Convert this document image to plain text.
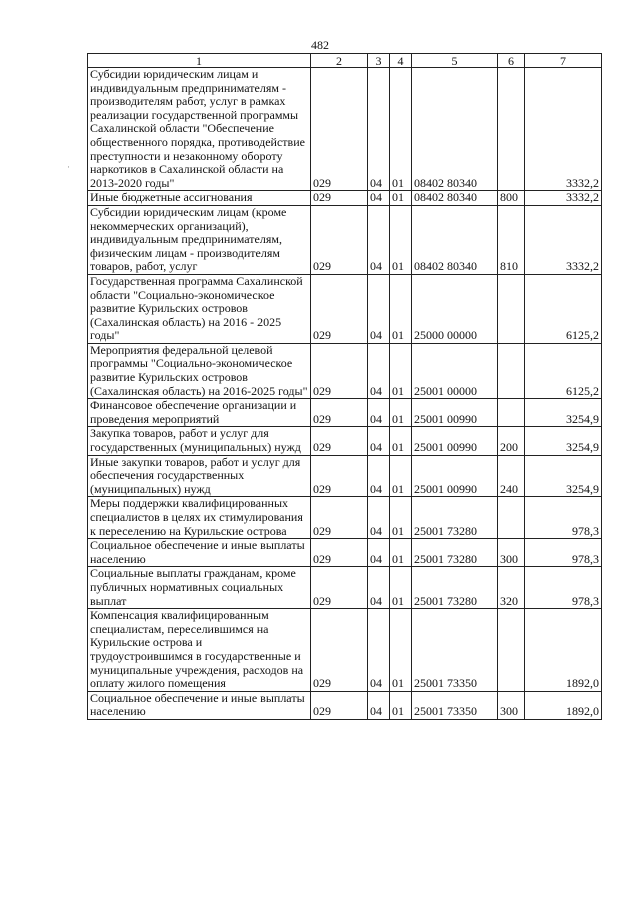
482
1	2	3	4	5	6	7
Субсидии юридическим лицам и индивидуальным предпринимателям - производителям работ, услуг в рамках реализации государственной программы Сахалинской области "Обеспечение общественного порядка, противодействие преступности и незаконному обороту наркотиков в Сахалинской области на 2013-2020 годы"	029	04	01	08402 80340		3332,2
Иные бюджетные ассигнования	029	04	01	08402 80340	800	3332,2
Субсидии юридическим лицам (кроме некоммерческих организаций), индивидуальным предпринимателям, физическим лицам - производителям товаров, работ, услуг	029	04	01	08402 80340	810	3332,2
Государственная программа Сахалинской области "Социально-экономическое развитие Курильских островов (Сахалинская область) на 2016 - 2025 годы"	029	04	01	25000 00000		6125,2
Мероприятия федеральной целевой программы "Социально-экономическое развитие Курильских островов (Сахалинская область) на 2016-2025 годы"	029	04	01	25001 00000		6125,2
Финансовое обеспечение организации и проведения мероприятий	029	04	01	25001 00990		3254,9
Закупка товаров, работ и услуг для государственных (муниципальных) нужд	029	04	01	25001 00990	200	3254,9
Иные закупки товаров, работ и услуг для обеспечения государственных (муниципальных) нужд	029	04	01	25001 00990	240	3254,9
Меры поддержки квалифицированных специалистов в целях их стимулирования к переселению на Курильские острова	029	04	01	25001 73280		978,3
Социальное обеспечение и иные выплаты населению	029	04	01	25001 73280	300	978,3
Социальные выплаты гражданам, кроме публичных нормативных социальных выплат	029	04	01	25001 73280	320	978,3
Компенсация квалифицированным специалистам, переселившимся на Курильские острова и трудоустроившимся в государственные и муниципальные учреждения, расходов на оплату жилого помещения	029	04	01	25001 73350		1892,0
Социальное обеспечение и иные выплаты населению	029	04	01	25001 73350	300	1892,0
·
